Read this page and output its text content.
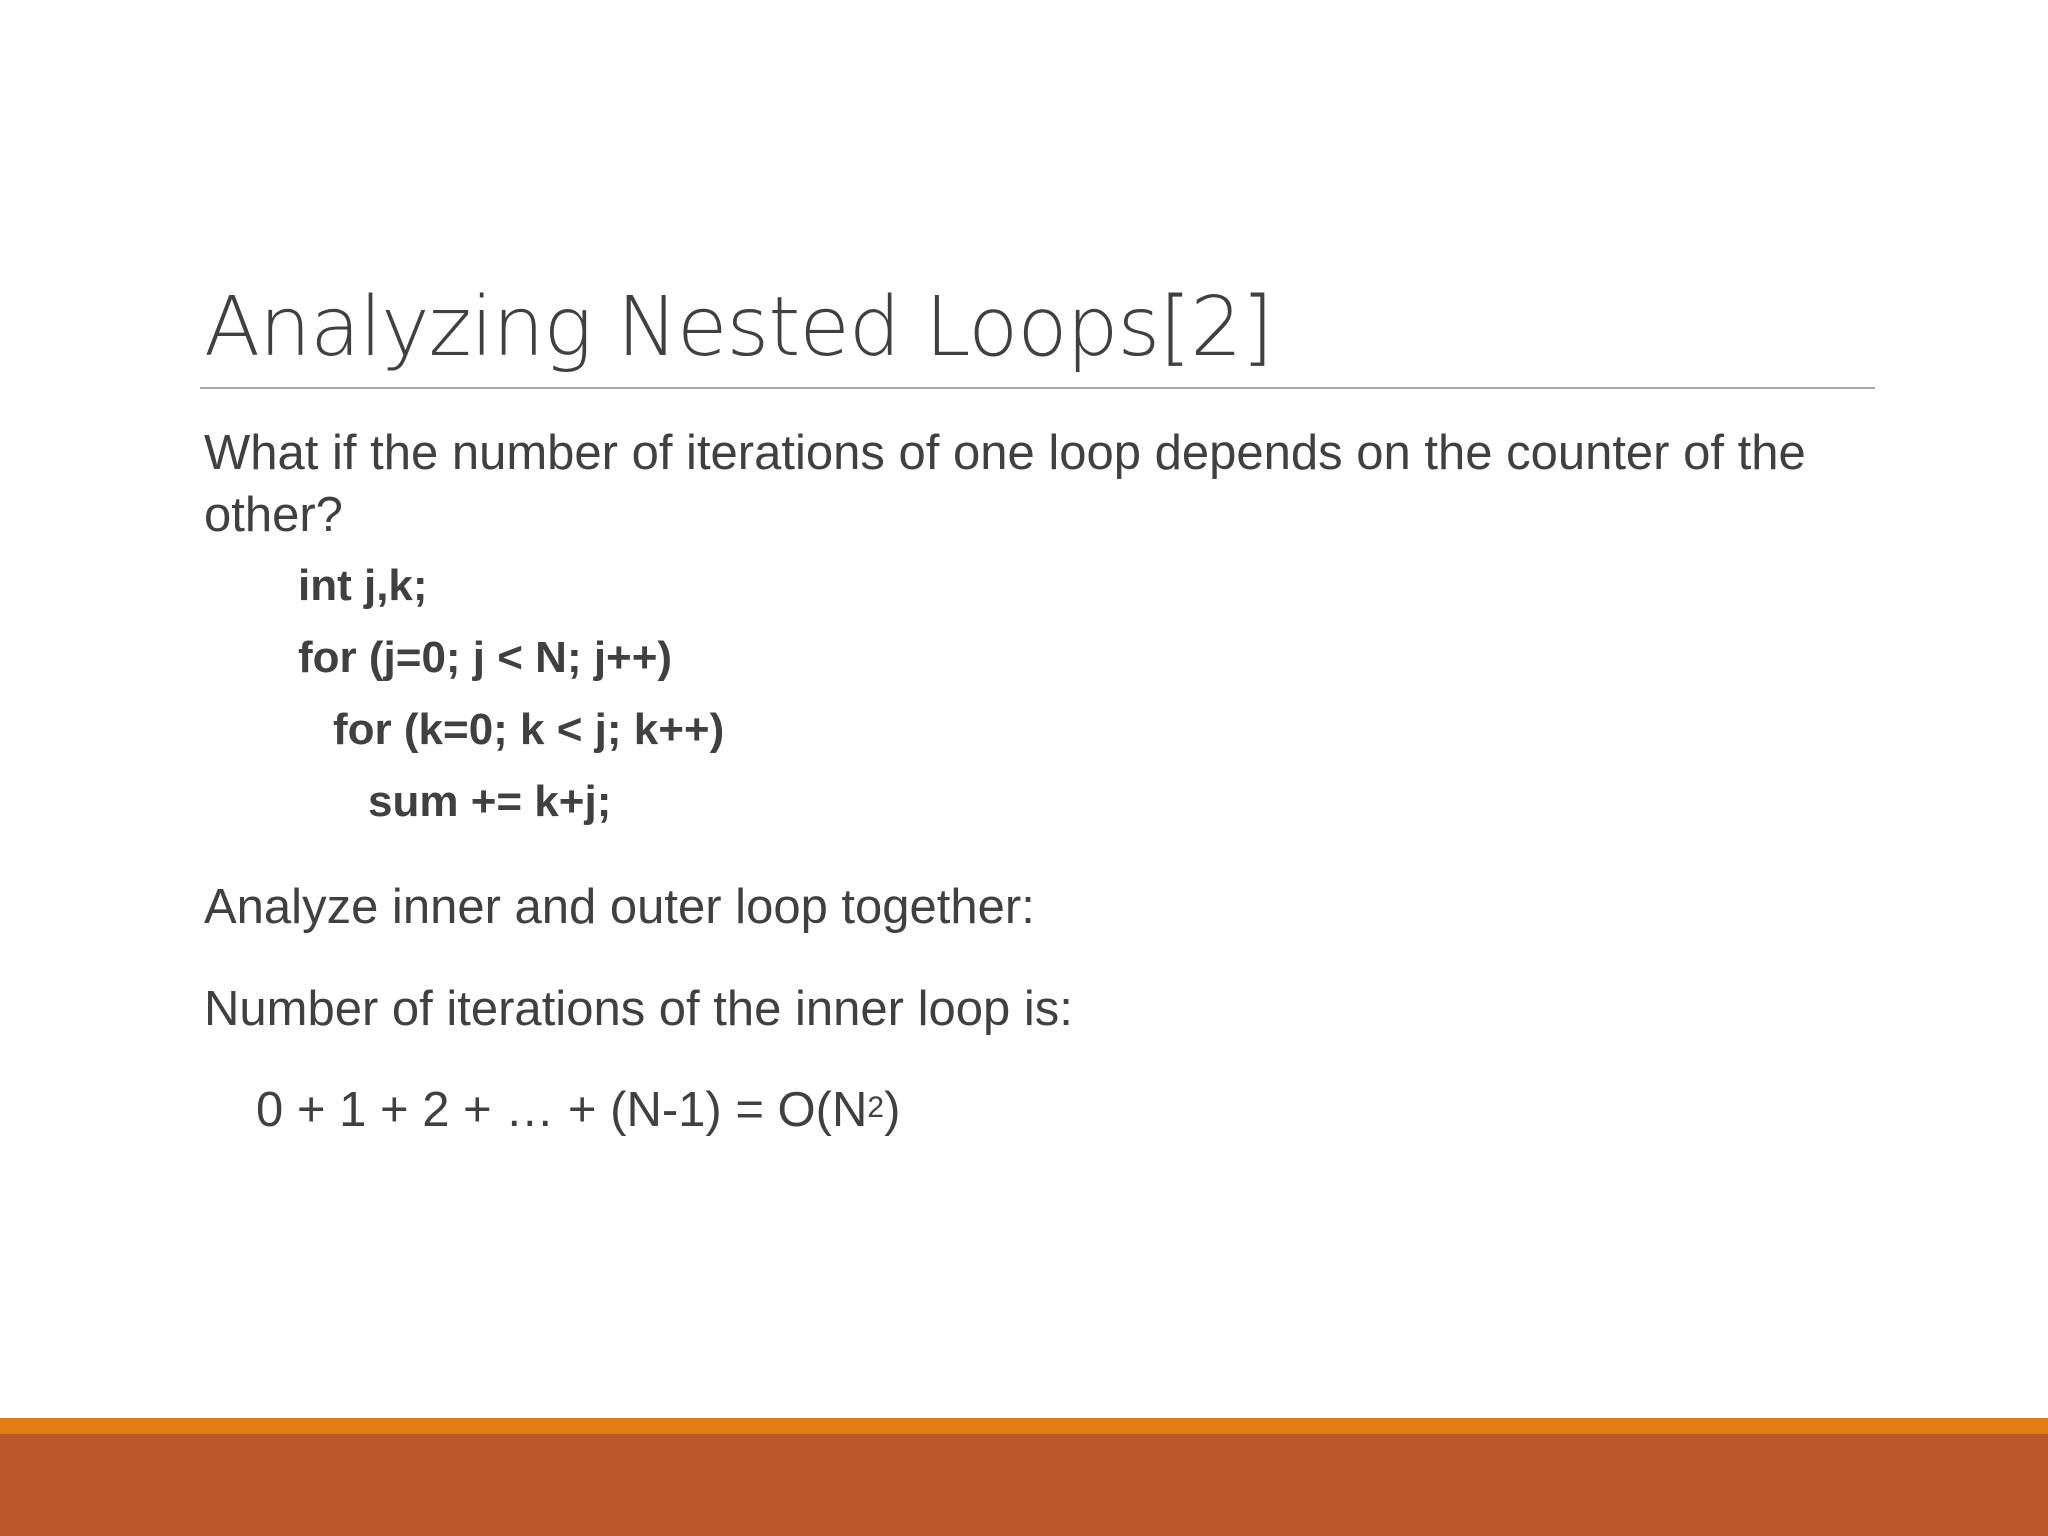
Analyzing Nested Loops[2]

What if the number of iterations of one loop depends on the counter of the other?

int j,k;

for (j=0; j < N; j++)

for (k=0; k < j; k++)

sum += k+j;

Analyze inner and outer loop together:

Number of iterations of the inner loop is:

0 + 1 + 2 + … + $(N-1) = O(N^2)$
